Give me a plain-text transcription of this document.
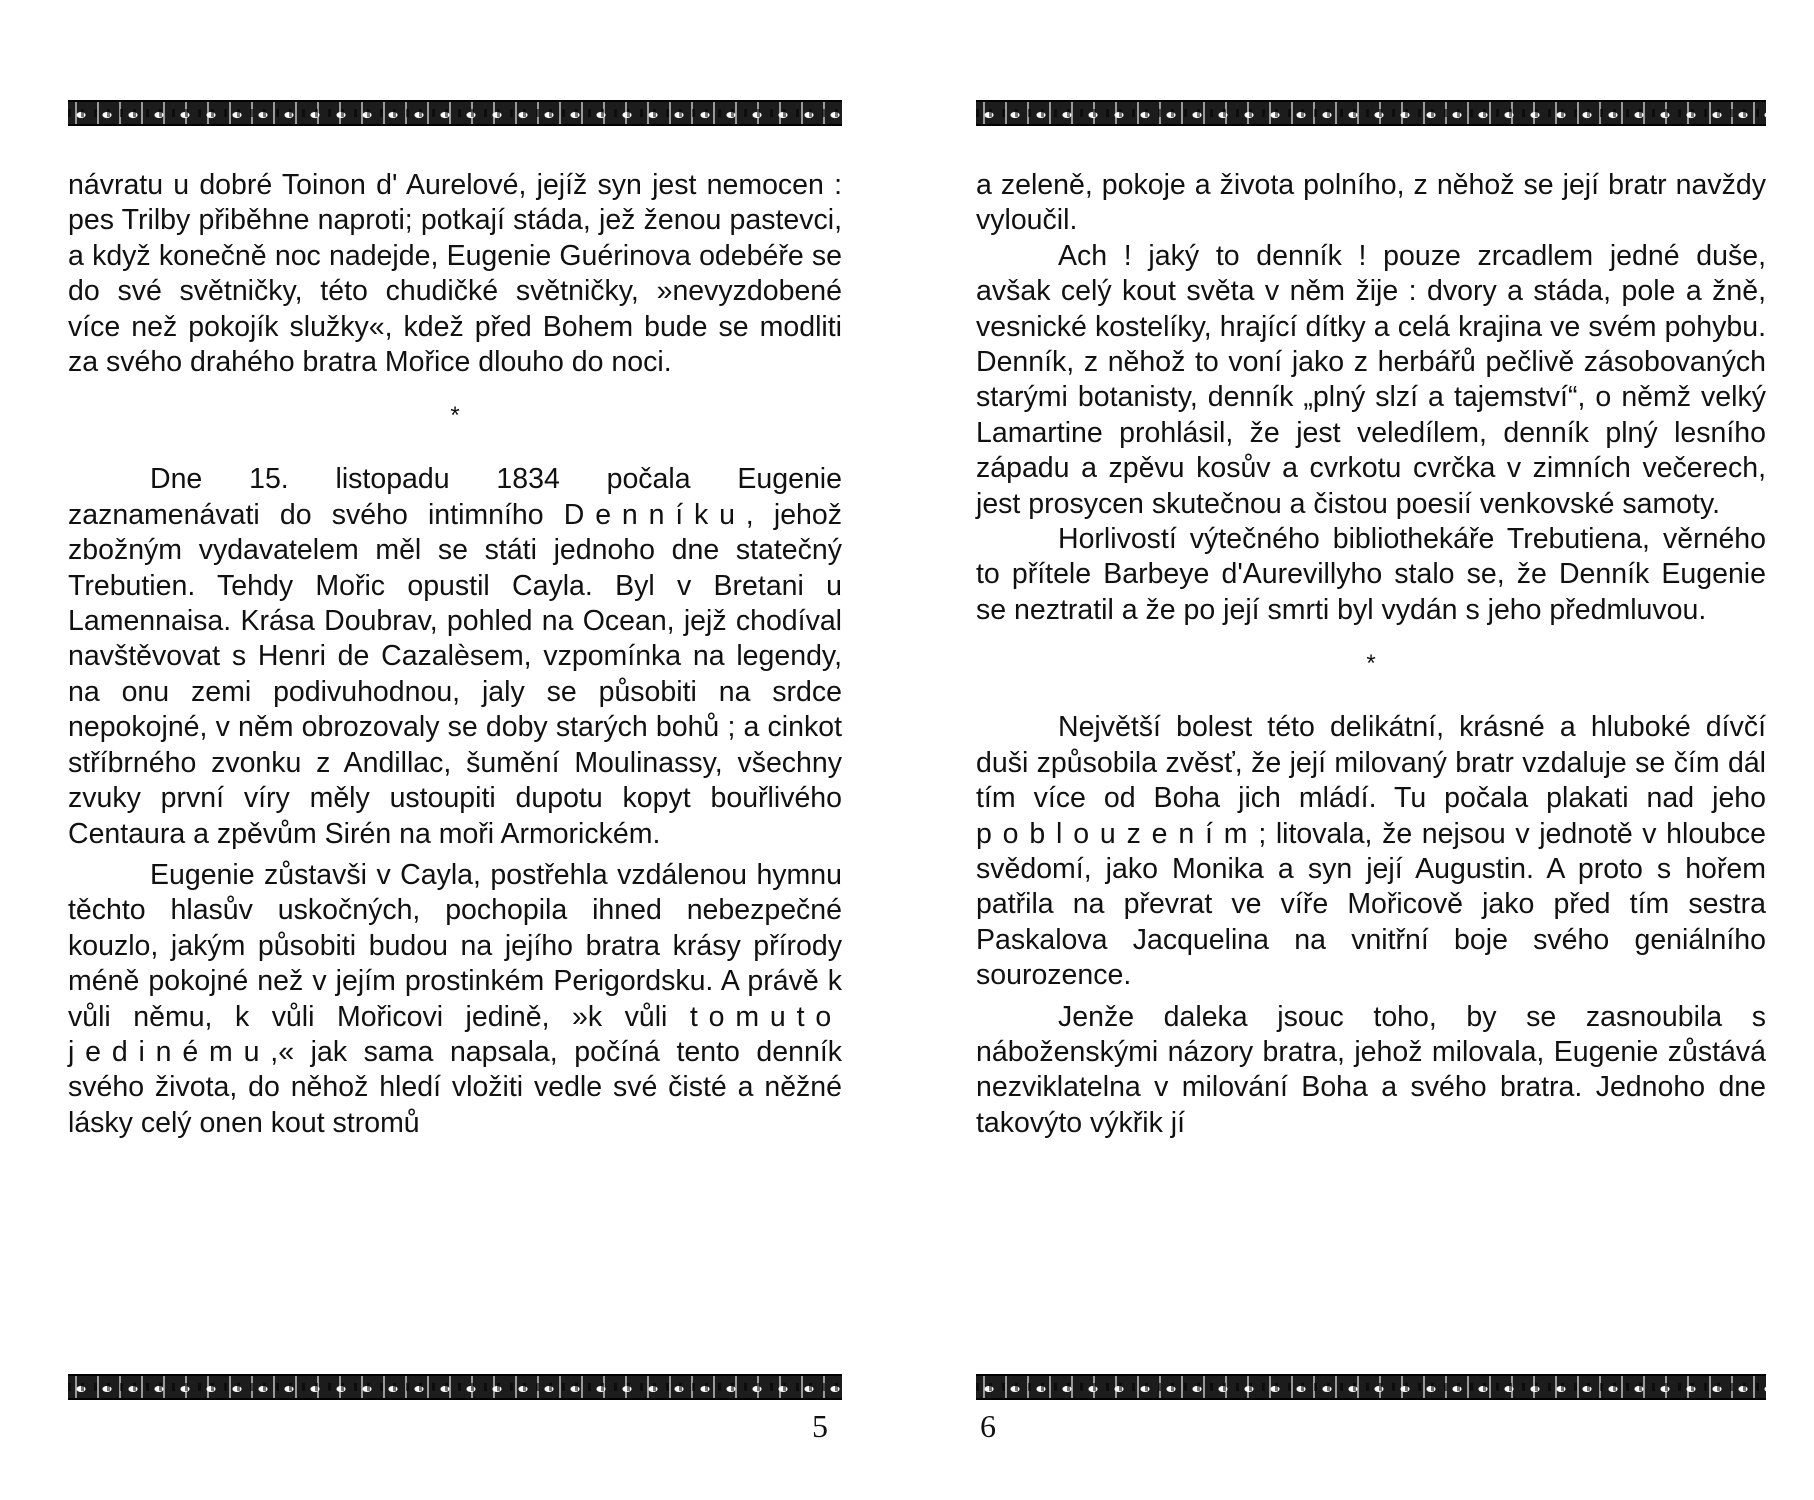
návratu u dobré Toinon d' Aurelové, jejíž syn jest nemocen : pes Trilby přiběhne naproti; potkají stáda, jež ženou pastevci, a když konečně noc nadejde, Eugenie Guérinova odebéře se do své světničky, této chudičké světničky, »nevyzdobené více než pokojík služky«, kdež před Bohem bude se modliti za svého drahého bratra Mořice dlouho do noci.

*

Dne 15. listopadu 1834 počala Eugenie zaznamenávati do svého intimního Denníku, jehož zbožným vydavatelem měl se státi jednoho dne statečný Trebutien. Tehdy Mořic opustil Cayla. Byl v Bretani u Lamennaisa. Krása Doubrav, pohled na Ocean, jejž chodíval navštěvovat s Henri de Cazalèsem, vzpomínka na legendy, na onu zemi podivuhodnou, jaly se působiti na srdce nepokojné, v něm obrozovaly se doby starých bohů ; a cinkot stříbrného zvonku z Andillac, šumění Moulinassy, všechny zvuky první víry měly ustoupiti dupotu kopyt bouřlivého Centaura a zpěvům Sirén na moři Armorickém.

Eugenie zůstavši v Cayla, postřehla vzdálenou hymnu těchto hlasův uskočných, pochopila ihned nebezpečné kouzlo, jakým působiti budou na jejího bratra krásy přírody méně pokojné než v jejím prostinkém Perigordsku. A právě k vůli němu, k vůli Mořicovi jedině, »k vůli tomuto jedinému,« jak sama napsala, počíná tento denník svého života, do něhož hledí vložiti vedle své čisté a něžné lásky celý onen kout stromů

5

a zeleně, pokoje a života polního, z něhož se její bratr navždy vyloučil.

Ach ! jaký to denník ! pouze zrcadlem jedné duše, avšak celý kout světa v něm žije : dvory a stáda, pole a žně, vesnické kostelíky, hrající dítky a celá krajina ve svém pohybu. Denník, z něhož to voní jako z herbářů pečlivě zásobovaných starými botanisty, denník „plný slzí a tajemství“, o němž velký Lamartine prohlásil, že jest veledílem, denník plný lesního západu a zpěvu kosův a cvrkotu cvrčka v zimních večerech, jest prosycen skutečnou a čistou poesií venkovské samoty.

Horlivostí výtečného bibliothekáře Trebutiena, věrného to přítele Barbeye d'Aurevillyho stalo se, že Denník Eugenie se neztratil a že po její smrti byl vydán s jeho předmluvou.

*

Největší bolest této delikátní, krásné a hluboké dívčí duši způsobila zvěsť, že její milovaný bratr vzdaluje se čím dál tím více od Boha jich mládí. Tu počala plakati nad jeho poblouzením; litovala, že nejsou v jednotě v hloubce svědomí, jako Monika a syn její Augustin. A proto s hořem patřila na převrat ve víře Mořicově jako před tím sestra Paskalova Jacquelina na vnitřní boje svého geniálního sourozence.

Jenže daleka jsouc toho, by se zasnoubila s náboženskými názory bratra, jehož milovala, Eugenie zůstává nezviklatelna v milování Boha a svého bratra. Jednoho dne takovýto výkřik jí

6
